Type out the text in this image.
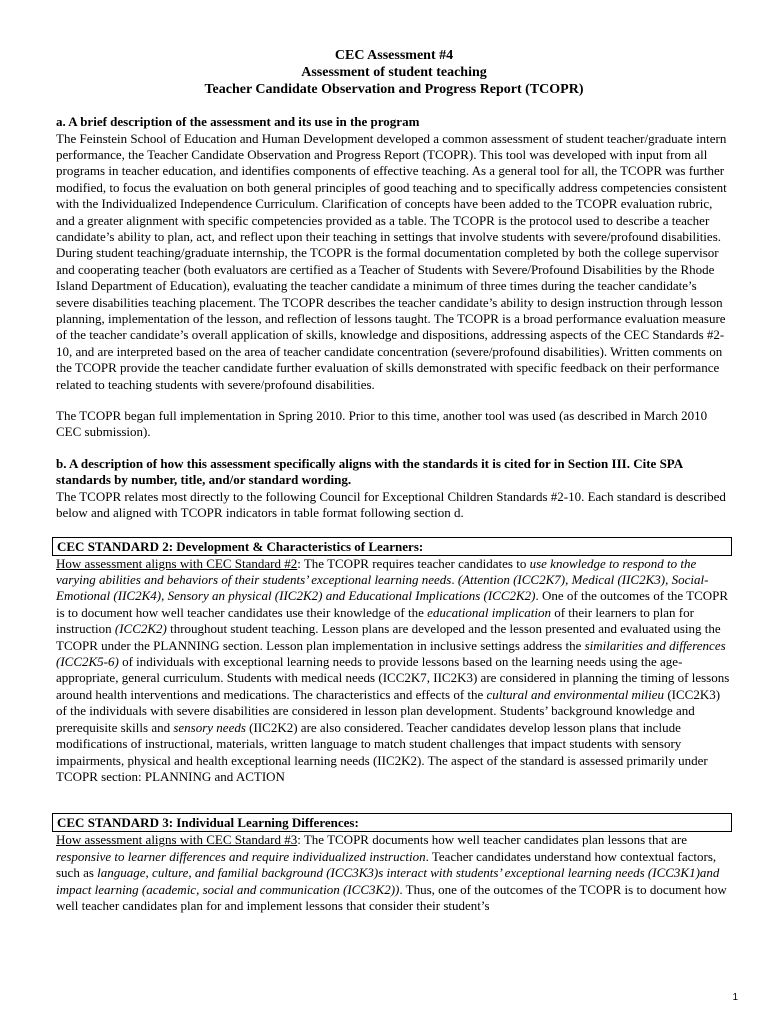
CEC Assessment #4

Assessment of student teaching

Teacher Candidate Observation and Progress Report (TCOPR)

a. A brief description of the assessment and its use in the program

The Feinstein School of Education and Human Development developed a common assessment of student teacher/graduate intern performance, the Teacher Candidate Observation and Progress Report (TCOPR). This tool was developed with input from all programs in teacher education, and identifies components of effective teaching. As a general tool for all, the TCOPR was further modified, to focus the evaluation on both general principles of good teaching and to specifically address competencies consistent with the Individualized Independence Curriculum. Clarification of concepts have been added to the TCOPR evaluation rubric, and a greater alignment with specific competencies provided as a table. The TCOPR is the protocol used to describe a teacher candidate’s ability to plan, act, and reflect upon their teaching in settings that involve students with severe/profound disabilities. During student teaching/graduate internship, the TCOPR is the formal documentation completed by both the college supervisor and cooperating teacher (both evaluators are certified as a Teacher of Students with Severe/Profound Disabilities by the Rhode Island Department of Education), evaluating the teacher candidate a minimum of three times during the teacher candidate’s severe disabilities teaching placement. The TCOPR describes the teacher candidate’s ability to design instruction through lesson planning, implementation of the lesson, and reflection of lessons taught. The TCOPR is a broad performance evaluation measure of the teacher candidate’s overall application of skills, knowledge and dispositions, addressing aspects of the CEC Standards #2-10, and are interpreted based on the area of teacher candidate concentration (severe/profound disabilities). Written comments on the TCOPR provide the teacher candidate further evaluation of skills demonstrated with specific feedback on their performance related to teaching students with severe/profound disabilities.

The TCOPR began full implementation in Spring 2010. Prior to this time, another tool was used (as described in March 2010 CEC submission).

b. A description of how this assessment specifically aligns with the standards it is cited for in Section III. Cite SPA standards by number, title, and/or standard wording.

The TCOPR relates most directly to the following Council for Exceptional Children Standards #2-10. Each standard is described below and aligned with TCOPR indicators in table format following section d.

CEC STANDARD 2: Development & Characteristics of Learners:

How assessment aligns with CEC Standard #2: The TCOPR requires teacher candidates to use knowledge to respond to the varying abilities and behaviors of their students’ exceptional learning needs. (Attention (ICC2K7), Medical (IIC2K3), Social-Emotional (IIC2K4), Sensory an physical (IIC2K2) and Educational Implications (ICC2K2). One of the outcomes of the TCOPR is to document how well teacher candidates use their knowledge of the educational implication of their learners to plan for instruction (ICC2K2) throughout student teaching. Lesson plans are developed and the lesson presented and evaluated using the TCOPR under the PLANNING section. Lesson plan implementation in inclusive settings address the similarities and differences (ICC2K5-6) of individuals with exceptional learning needs to provide lessons based on the learning needs using the age-appropriate, general curriculum. Students with medical needs (ICC2K7, IIC2K3) are considered in planning the timing of lessons around health interventions and medications. The characteristics and effects of the cultural and environmental milieu (ICC2K3) of the individuals with severe disabilities are considered in lesson plan development. Students’ background knowledge and prerequisite skills and sensory needs (IIC2K2) are also considered. Teacher candidates develop lesson plans that include modifications of instructional, materials, written language to match student challenges that impact students with sensory impairments, physical and health exceptional learning needs (IIC2K2). The aspect of the standard is assessed primarily under TCOPR section: PLANNING and ACTION

CEC STANDARD 3: Individual Learning Differences:

How assessment aligns with CEC Standard #3: The TCOPR documents how well teacher candidates plan lessons that are responsive to learner differences and require individualized instruction. Teacher candidates understand how contextual factors, such as language, culture, and familial background (ICC3K3)s interact with students’ exceptional learning needs (ICC3K1)and impact learning (academic, social and communication (ICC3K2)). Thus, one of the outcomes of the TCOPR is to document how well teacher candidates plan for and implement lessons that consider their student’s

1
